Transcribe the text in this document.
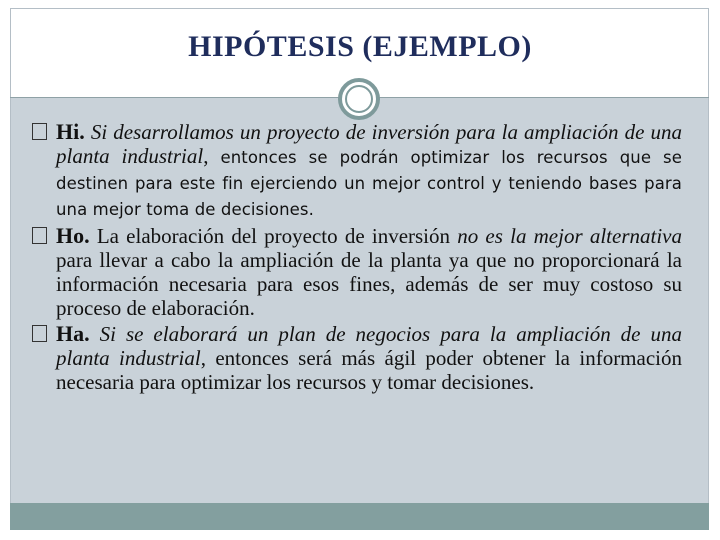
HIPÓTESIS (EJEMPLO)
Hi. Si desarrollamos un proyecto de inversión para la ampliación de una planta industrial, entonces se podrán optimizar los recursos que se destinen para este fin ejerciendo un mejor control y teniendo bases para una mejor toma de decisiones.
Ho. La elaboración del proyecto de inversión no es la mejor alternativa para llevar a cabo la ampliación de la planta ya que no proporcionará la información necesaria para esos fines, además de ser muy costoso su proceso de elaboración.
Ha. Si se elaborará un plan de negocios para la ampliación de una planta industrial, entonces será más ágil poder obtener la información necesaria para optimizar los recursos y tomar decisiones.
